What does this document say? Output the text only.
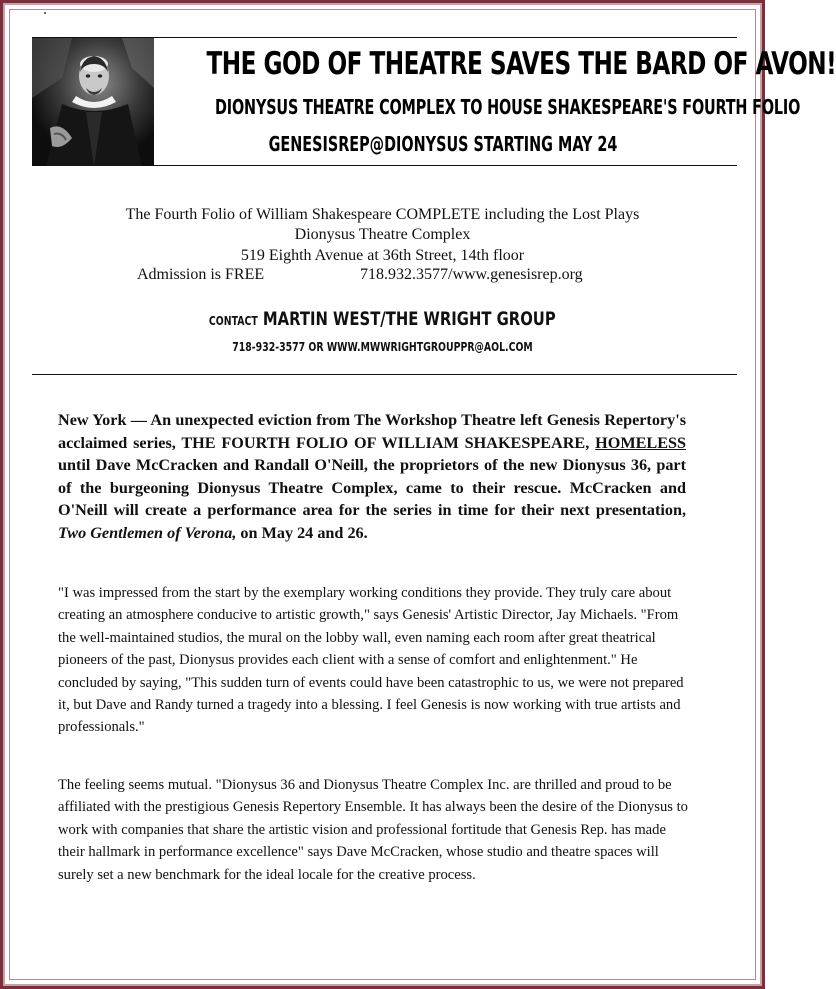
THE GOD OF THEATRE SAVES THE BARD OF AVON!
DIONYSUS THEATRE COMPLEX TO HOUSE SHAKESPEARE'S FOURTH FOLIO
GENESISREP@DIONYSUS STARTING MAY 24
The Fourth Folio of William Shakespeare COMPLETE including the Lost Plays
Dionysus Theatre Complex
519 Eighth Avenue at 36th Street, 14th floor
Admission is FREE	718.932.3577/www.genesisrep.org
CONTACT MARTIN WEST/THE WRIGHT GROUP
718-932-3577 OR WWW.MWWRIGHTGROUPPR@AOL.COM
New York — An unexpected eviction from The Workshop Theatre left Genesis Repertory's acclaimed series, THE FOURTH FOLIO OF WILLIAM SHAKESPEARE, HOMELESS until Dave McCracken and Randall O'Neill, the proprietors of the new Dionysus 36, part of the burgeoning Dionysus Theatre Complex, came to their rescue. McCracken and O'Neill will create a performance area for the series in time for their next presentation, Two Gentlemen of Verona, on May 24 and 26.
"I was impressed from the start by the exemplary working conditions they provide. They truly care about creating an atmosphere conducive to artistic growth," says Genesis' Artistic Director, Jay Michaels. "From the well-maintained studios, the mural on the lobby wall, even naming each room after great theatrical pioneers of the past, Dionysus provides each client with a sense of comfort and enlightenment." He concluded by saying, "This sudden turn of events could have been catastrophic to us, we were not prepared it, but Dave and Randy turned a tragedy into a blessing. I feel Genesis is now working with true artists and professionals."
The feeling seems mutual. "Dionysus 36 and Dionysus Theatre Complex Inc. are thrilled and proud to be affiliated with the prestigious Genesis Repertory Ensemble. It has always been the desire of the Dionysus to work with companies that share the artistic vision and professional fortitude that Genesis Rep. has made their hallmark in performance excellence" says Dave McCracken, whose studio and theatre spaces will surely set a new benchmark for the ideal locale for the creative process.
